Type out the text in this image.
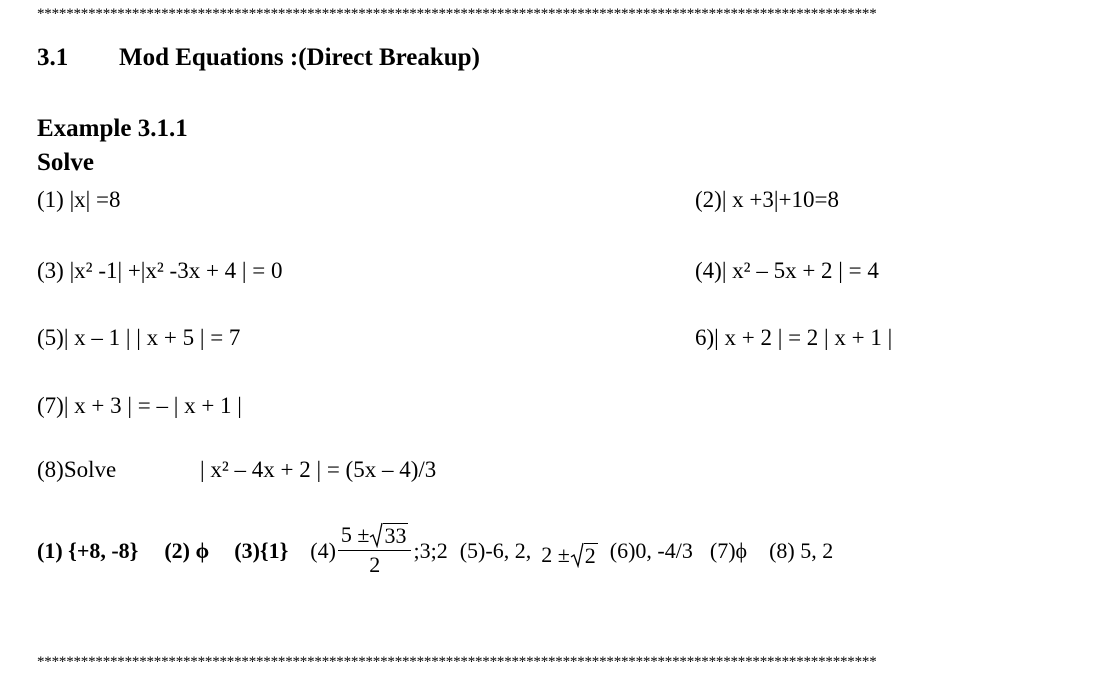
*******************************************************************************************************************
3.1 Mod Equations :(Direct Breakup)
Example 3.1.1
Solve
(1) |x| =8	(2)| x +3|+10=8
(3) |x² -1| +|x² -3x + 4 | = 0	(4)| x² – 5x + 2 | = 4
(5)| x – 1 | | x + 5 | = 7	6)| x + 2 | = 2 | x + 1 |
(7)| x + 3 | = – | x + 1 |
(8)Solve	| x² – 4x + 2 | = (5x – 4)/3
(1) {+8, -8} (2) ϕ (3){1} $(4) \frac{5 \pm 33}{2}$ ;3;2 (5)-6, 2, 2 ± 2 (6)0, -4/3 (7)ϕ (8) 5, 2
*******************************************************************************************************************
